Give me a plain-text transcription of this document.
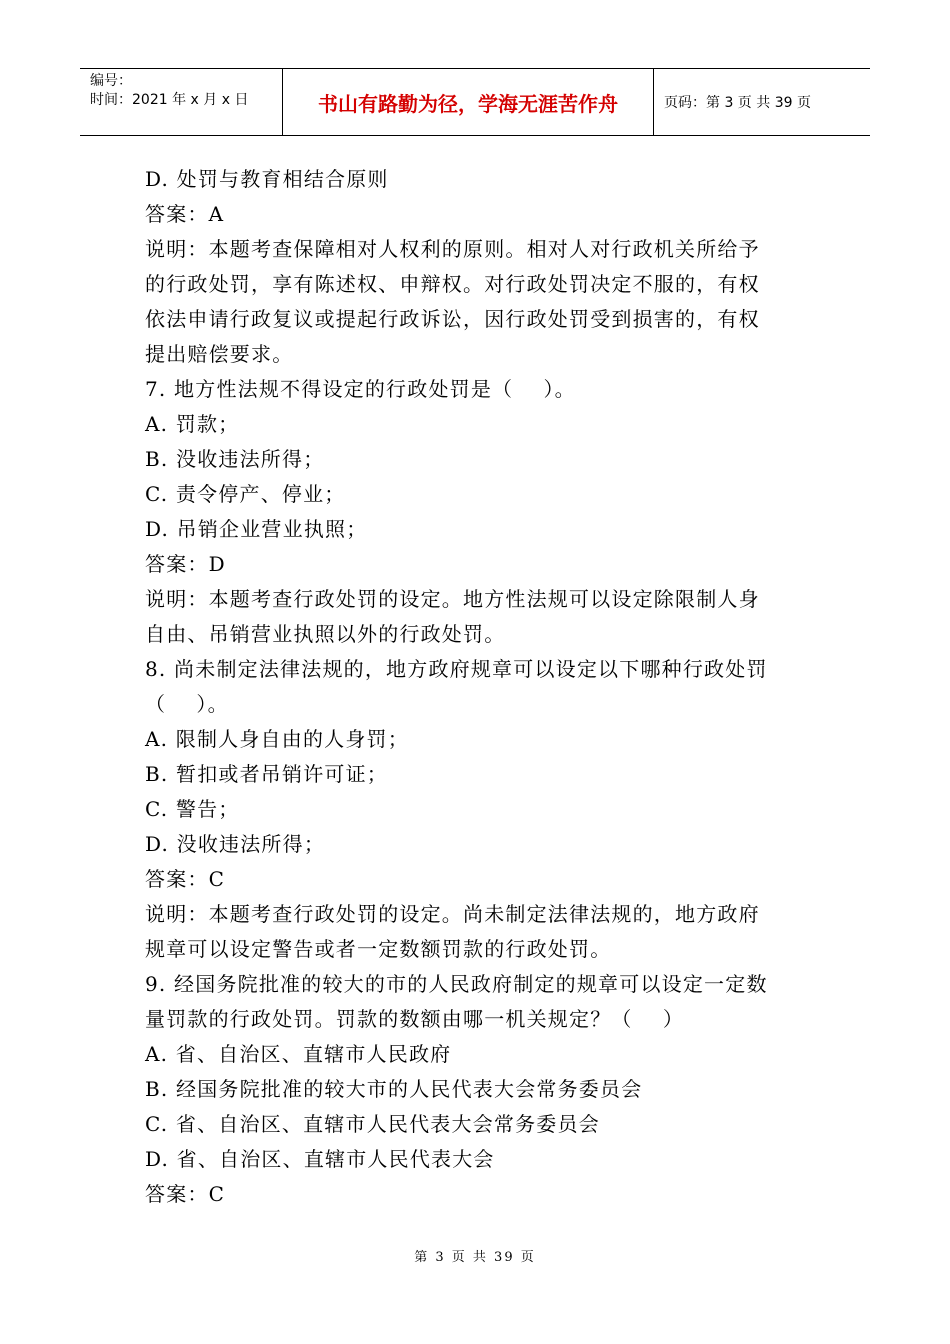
编号：
时间：2021 年 x 月 x 日	书山有路勤为径，学海无涯苦作舟	页码：第 3 页 共 39 页

D. 处罚与教育相结合原则

答案：A

说明：本题考查保障相对人权利的原则。相对人对行政机关所给予

的行政处罚，享有陈述权、申辩权。对行政处罚决定不服的，有权

依法申请行政复议或提起行政诉讼，因行政处罚受到损害的，有权

提出赔偿要求。

7. 地方性法规不得设定的行政处罚是（    ）。

A. 罚款；

B. 没收违法所得；

C. 责令停产、停业；

D. 吊销企业营业执照；

答案：D

说明：本题考查行政处罚的设定。地方性法规可以设定除限制人身

自由、吊销营业执照以外的行政处罚。

8. 尚未制定法律法规的，地方政府规章可以设定以下哪种行政处罚

（    ）。

A. 限制人身自由的人身罚；

B. 暂扣或者吊销许可证；

C. 警告；

D. 没收违法所得；

答案：C

说明：本题考查行政处罚的设定。尚未制定法律法规的，地方政府

规章可以设定警告或者一定数额罚款的行政处罚。

9. 经国务院批准的较大的市的人民政府制定的规章可以设定一定数

量罚款的行政处罚。罚款的数额由哪一机关规定？（    ）

A. 省、自治区、直辖市人民政府

B. 经国务院批准的较大市的人民代表大会常务委员会

C. 省、自治区、直辖市人民代表大会常务委员会

D. 省、自治区、直辖市人民代表大会

答案：C

第 3 页 共 39 页
